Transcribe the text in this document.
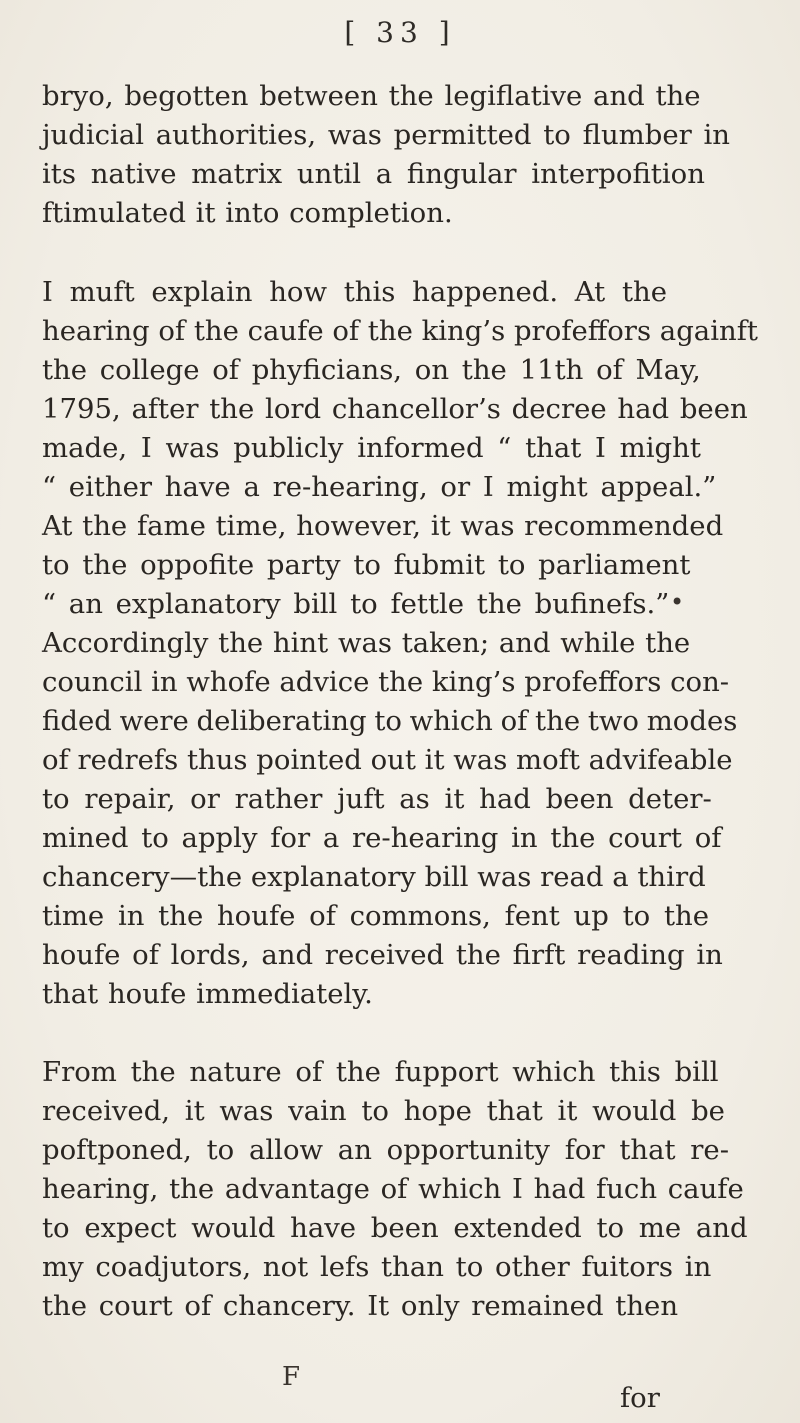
[ 33 ]
bryo, begotten between the legiflative and the
judicial authorities, was permitted to flumber in
its native matrix until a fingular interpofition
ftimulated it into completion.
I muft explain how this happened. At the
hearing of the caufe of the king’s profeffors againft
the college of phyficians, on the 11th of May,
1795, after the lord chancellor’s decree had been
made, I was publicly informed “ that I might
“ either have a re-hearing, or I might appeal.”
At the fame time, however, it was recommended
to the oppofite party to fubmit to parliament
“ an explanatory bill to fettle the bufinefs.” •
Accordingly the hint was taken; and while the
council in whofe advice the king’s profeffors con-
fided were deliberating to which of the two modes
of redrefs thus pointed out it was moft advifeable
to repair, or rather juft as it had been deter-
mined to apply for a re-hearing in the court of
chancery—the explanatory bill was read a third
time in the houfe of commons, fent up to the
houfe of lords, and received the firft reading in
that houfe immediately.
From the nature of the fupport which this bill
received, it was vain to hope that it would be
poftponed, to allow an opportunity for that re-
hearing, the advantage of which I had fuch caufe
to expect would have been extended to me and
my coadjutors, not lefs than to other fuitors in
the court of chancery. It only remained then
F
for
